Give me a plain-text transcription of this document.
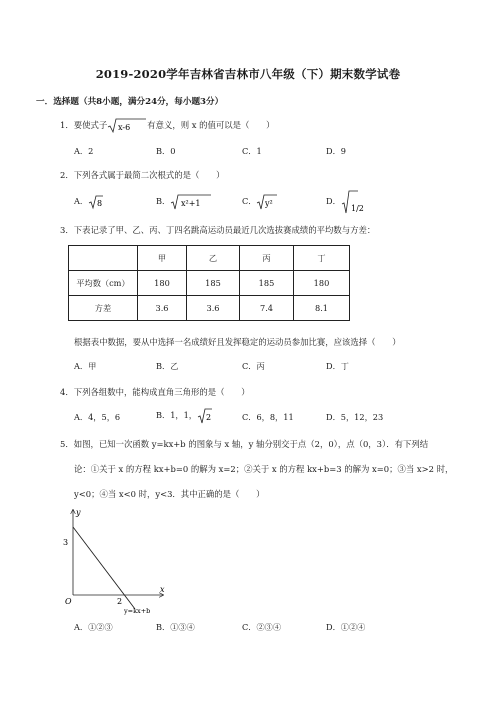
2019-2020学年吉林省吉林市八年级（下）期末数学试卷
一．选择题（共8小题，满分24分，每小题3分）
1．要使式子 x-6 有意义，则 x 的值可以是（　　）
A．2	B．0	C．1	D．9
2．下列各式属于最简二次根式的是（　　）
A． 8	B． x²+1	C． y²	D．
1/2
3．下表记录了甲、乙、丙、丁四名跳高运动员最近几次选拔赛成绩的平均数与方差：
	甲	乙	丙	丁
平均数（cm）	180	185	185	180
方差	3.6	3.6	7.4	8.1
根据表中数据，要从中选择一名成绩好且发挥稳定的运动员参加比赛，应该选择（　　）
A．甲	B．乙	C．丙	D．丁
4．下列各组数中，能构成直角三角形的是（　　）
A．4，5，6	B．1，1， 2	C．6，8，11	D．5，12，23
5．如图，已知一次函数 y=kx+b 的图象与 x 轴，y 轴分别交于点（2，0），点（0，3）．有下列结
论：①关于 x 的方程 kx+b=0 的解为 x=2；②关于 x 的方程 kx+b=3 的解为 x=0；③当 x>2 时，
y<0；④当 x<0 时，y<3．其中正确的是（　　）
y
x
3
O	2
y=kx+b
A．①②③	B．①③④	C．②③④	D．①②④
